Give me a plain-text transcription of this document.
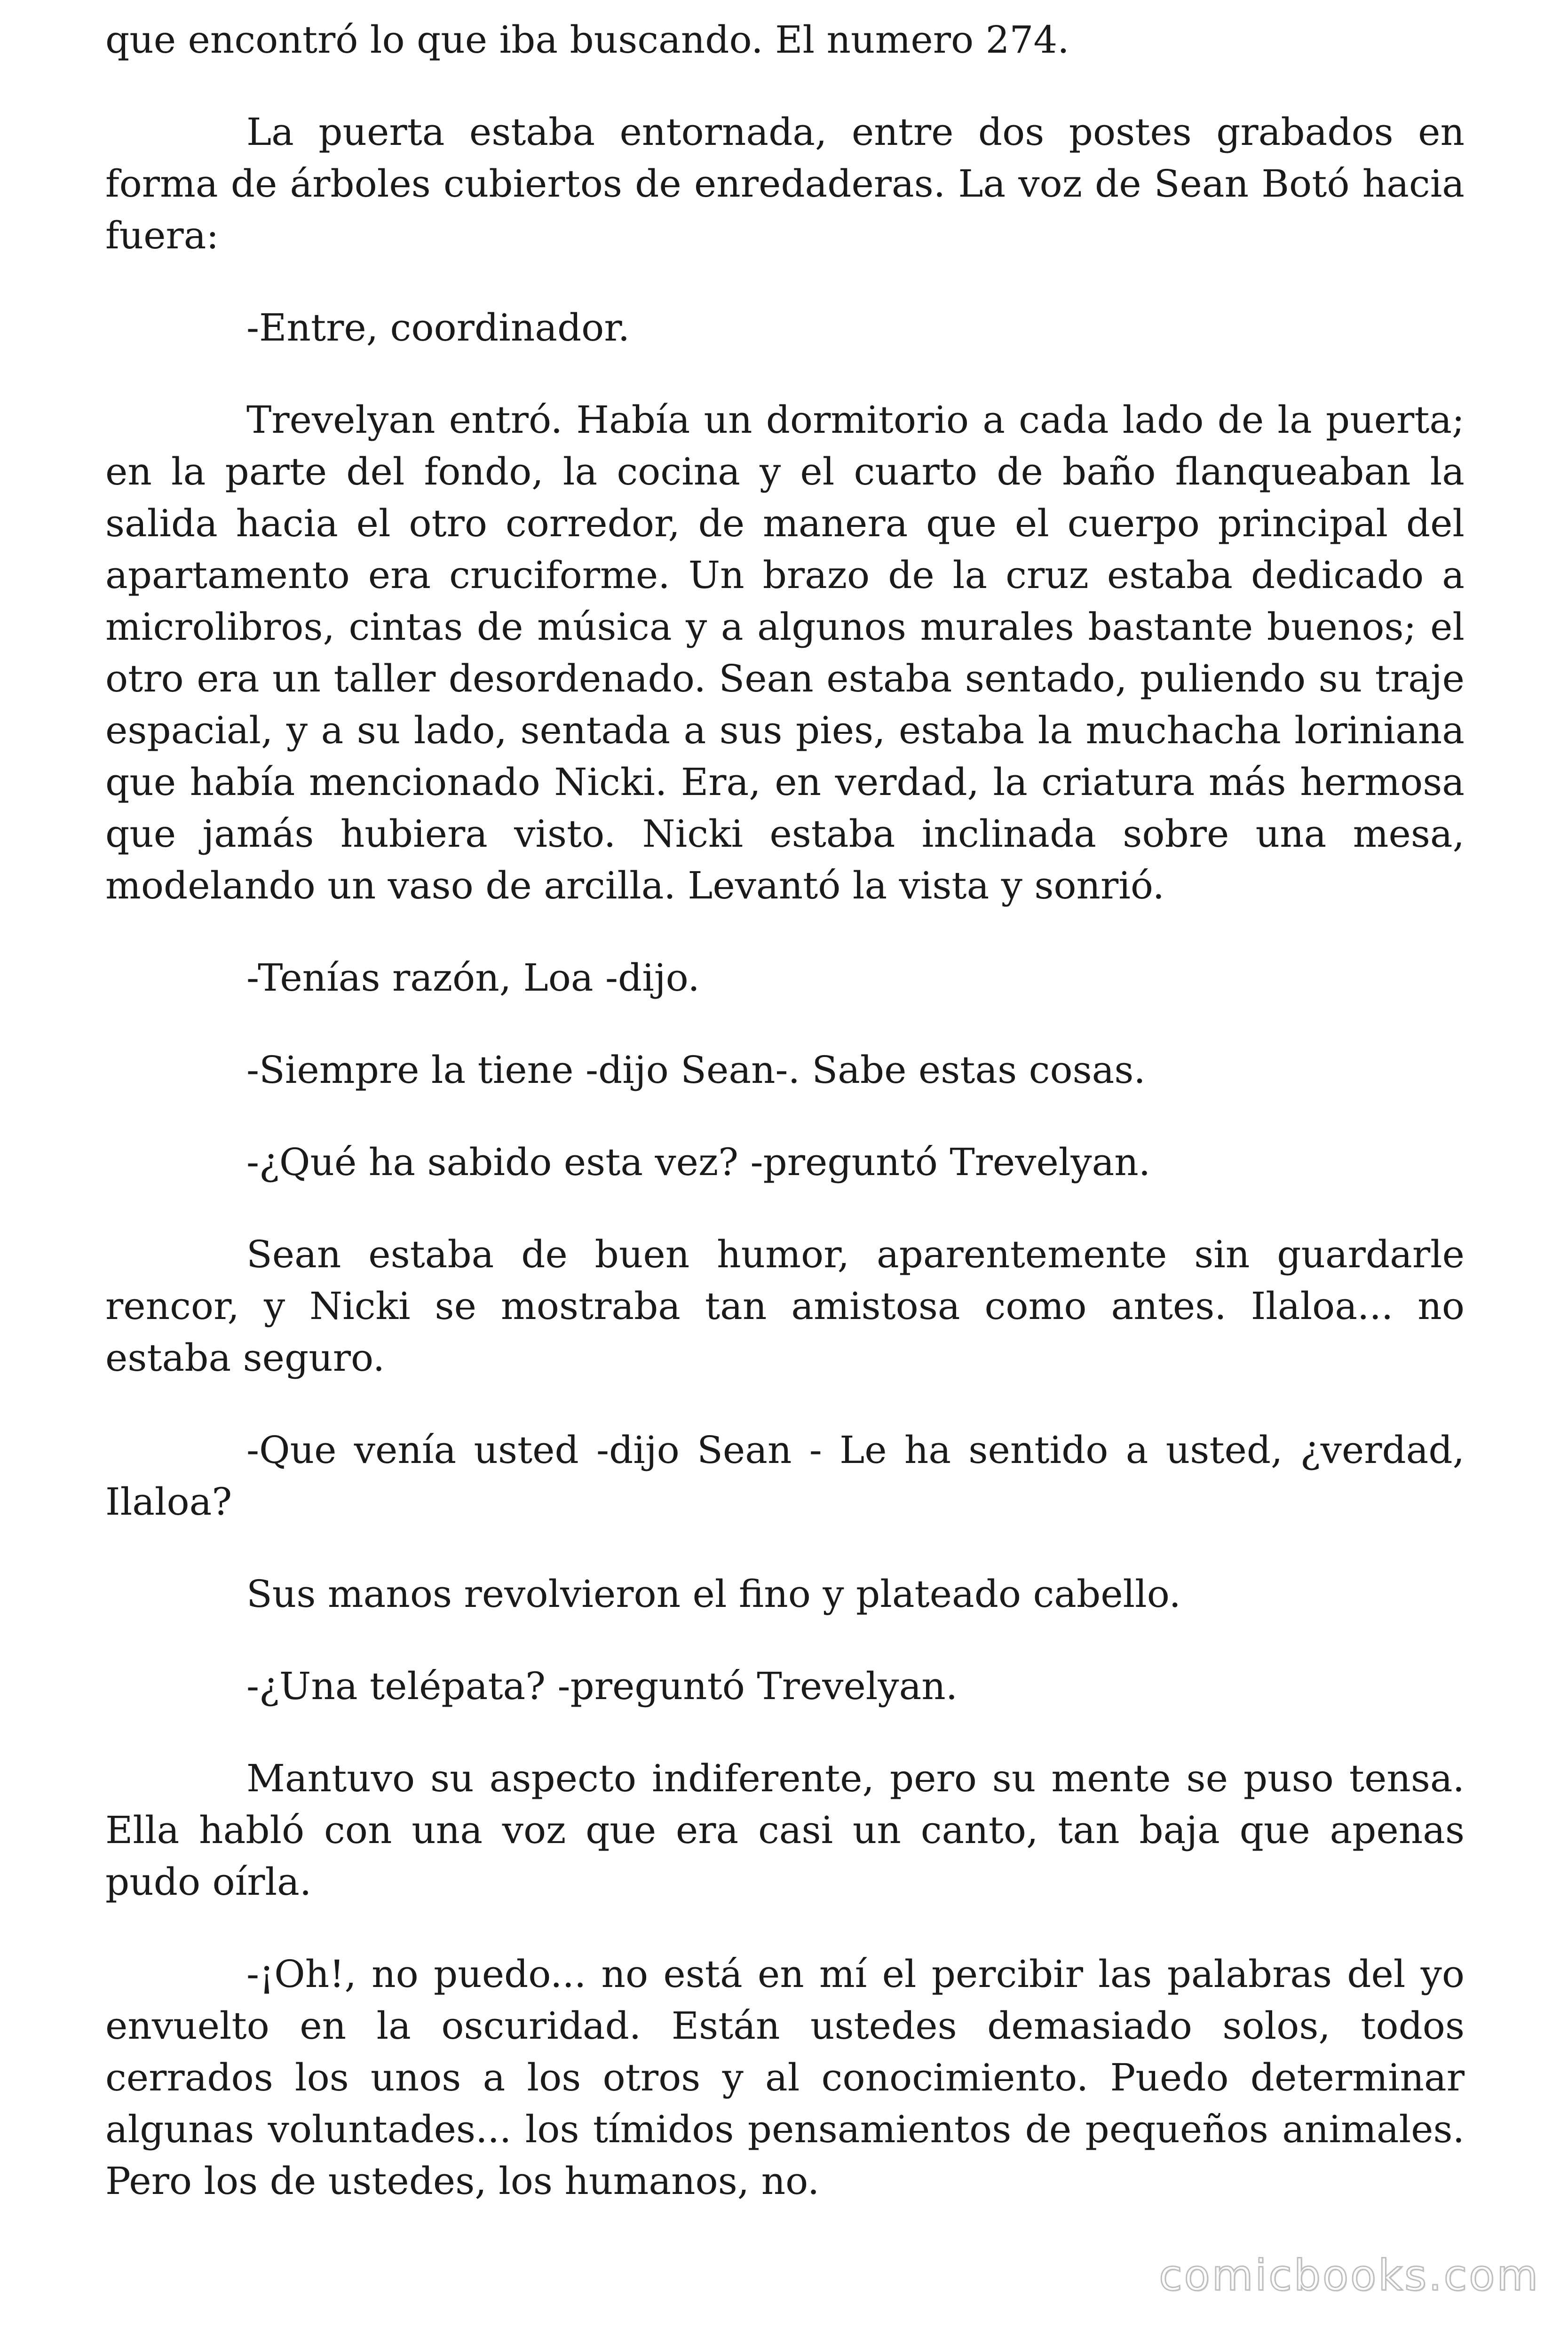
que encontró lo que iba buscando. El numero 274.

La puerta estaba entornada, entre dos postes grabados en forma de árboles cubiertos de enredaderas. La voz de Sean Botó hacia fuera:

-Entre, coordinador.

Trevelyan entró. Había un dormitorio a cada lado de la puerta; en la parte del fondo, la cocina y el cuarto de baño flanqueaban la salida hacia el otro corredor, de manera que el cuerpo principal del apartamento era cruciforme. Un brazo de la cruz estaba dedicado a microlibros, cintas de música y a algunos murales bastante buenos; el otro era un taller desordenado. Sean estaba sentado, puliendo su traje espacial, y a su lado, sentada a sus pies, estaba la muchacha loriniana que había mencionado Nicki. Era, en verdad, la criatura más hermosa que jamás hubiera visto. Nicki estaba inclinada sobre una mesa, modelando un vaso de arcilla. Levantó la vista y sonrió.

-Tenías razón, Loa -dijo.

-Siempre la tiene -dijo Sean-. Sabe estas cosas.

-¿Qué ha sabido esta vez? -preguntó Trevelyan.

Sean estaba de buen humor, aparentemente sin guardarle rencor, y Nicki se mostraba tan amistosa como antes. Ilaloa... no estaba seguro.

-Que venía usted -dijo Sean - Le ha sentido a usted, ¿verdad, Ilaloa?

Sus manos revolvieron el fino y plateado cabello.

-¿Una telépata? -preguntó Trevelyan.

Mantuvo su aspecto indiferente, pero su mente se puso tensa. Ella habló con una voz que era casi un canto, tan baja que apenas pudo oírla.

-¡Oh!, no puedo... no está en mí el percibir las palabras del yo envuelto en la oscuridad. Están ustedes demasiado solos, todos cerrados los unos a los otros y al conocimiento. Puedo determinar algunas voluntades... los tímidos pensamientos de pequeños animales. Pero los de ustedes, los humanos, no.

comicbooks.com
